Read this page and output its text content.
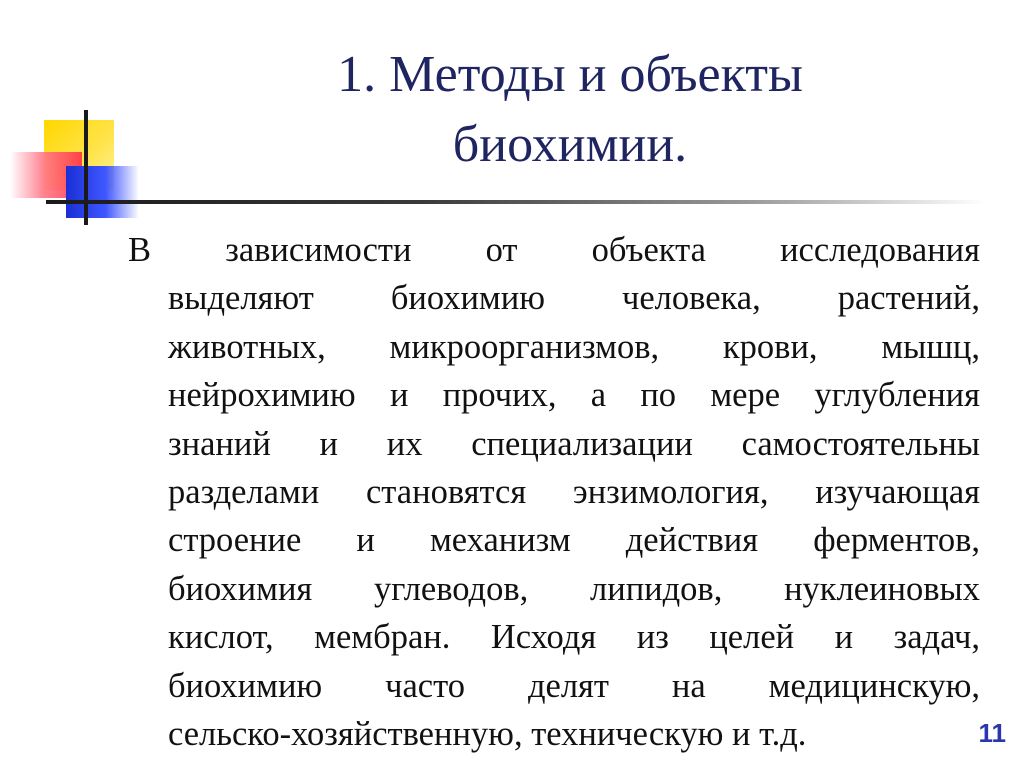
1. Методы и объекты
биохимии.
В зависимости от объекта исследования
выделяют биохимию человека, растений,
животных, микроорганизмов, крови, мышц,
нейрохимию и прочих, а по мере углубления
знаний и их специализации самостоятельны
разделами становятся энзимология, изучающая
строение и механизм действия ферментов,
биохимия углеводов, липидов, нуклеиновых
кислот, мембран. Исходя из целей и задач,
биохимию часто делят на медицинскую,
сельско-хозяйственную, техническую и т.д.	11
